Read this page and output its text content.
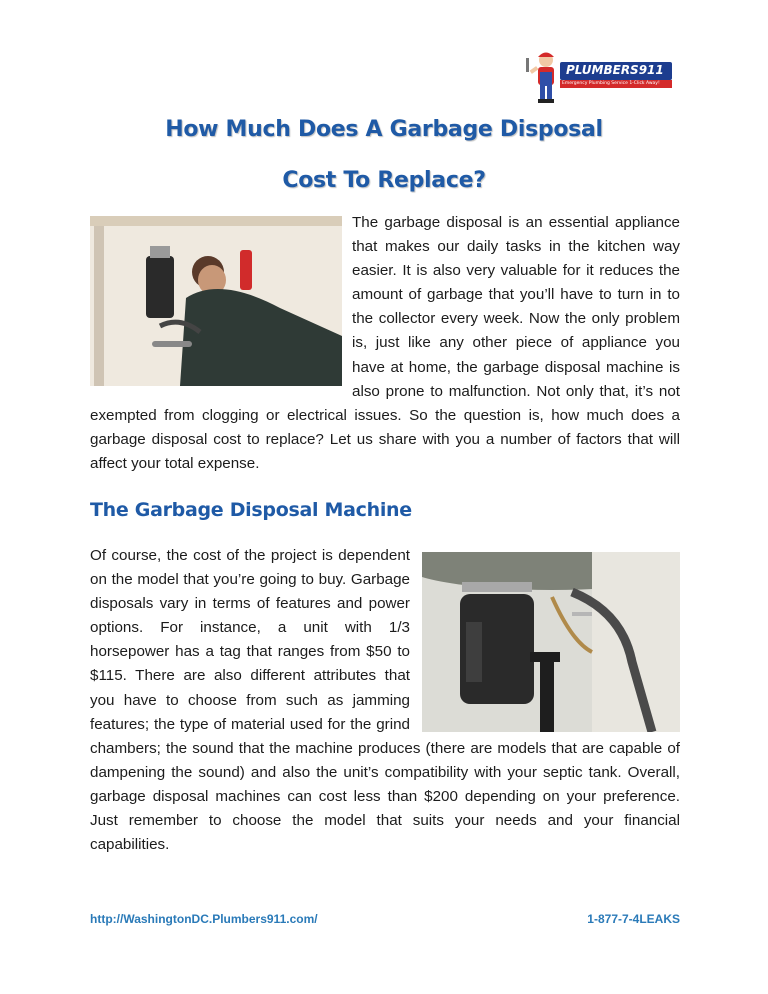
PLUMBERS911
Emergency Plumbing Service 1-Click Away!
How Much Does A Garbage Disposal
Cost To Replace?

The garbage disposal is an essential appliance that makes our daily tasks in the kitchen way easier. It is also very valuable for it reduces the amount of garbage that you’ll have to turn in to the collector every week. Now the only problem is, just like any other piece of appliance you have at home, the garbage disposal machine is also prone to malfunction. Not only that, it’s not exempted from clogging or electrical issues. So the question is, how much does a garbage disposal cost to replace? Let us share with you a number of factors that will affect your total expense.

The Garbage Disposal Machine

Of course, the cost of the project is dependent on the model that you’re going to buy. Garbage disposals vary in terms of features and power options. For instance, a unit with 1/3 horsepower has a tag that ranges from $50 to $115. There are also different attributes that you have to choose from such as jamming features; the type of material used for the grind chambers; the sound that the machine produces (there are models that are capable of dampening the sound) and also the unit’s compatibility with your septic tank. Overall, garbage disposal machines can cost less than $200 depending on your preference. Just remember to choose the model that suits your needs and your financial capabilities.

http://WashingtonDC.Plumbers911.com/	1-877-7-4LEAKS
